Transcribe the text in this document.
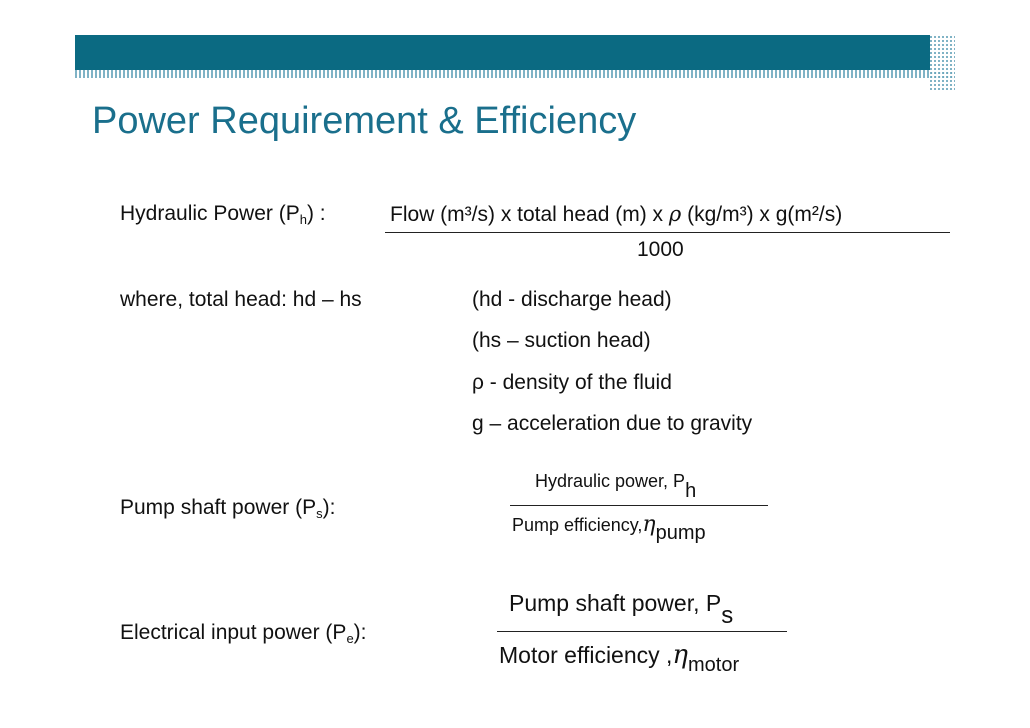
Power Requirement & Efficiency
Hydraulic Power $(P_h)$ :	Flow (m³/s) x total head (m) x ρ (kg/m³) x g(m²/s)
1000
where, total head: hd – hs	(hd - discharge head)
(hs – suction head)
ρ - density of the fluid
g – acceleration due to gravity
Pump shaft power $(P_s)$:
Hydraulic power, Ph
Pump efficiency,ηpump
Electrical input power $(P_e)$:
Pump shaft power, Ps
Motor efficiency ,ηmotor
